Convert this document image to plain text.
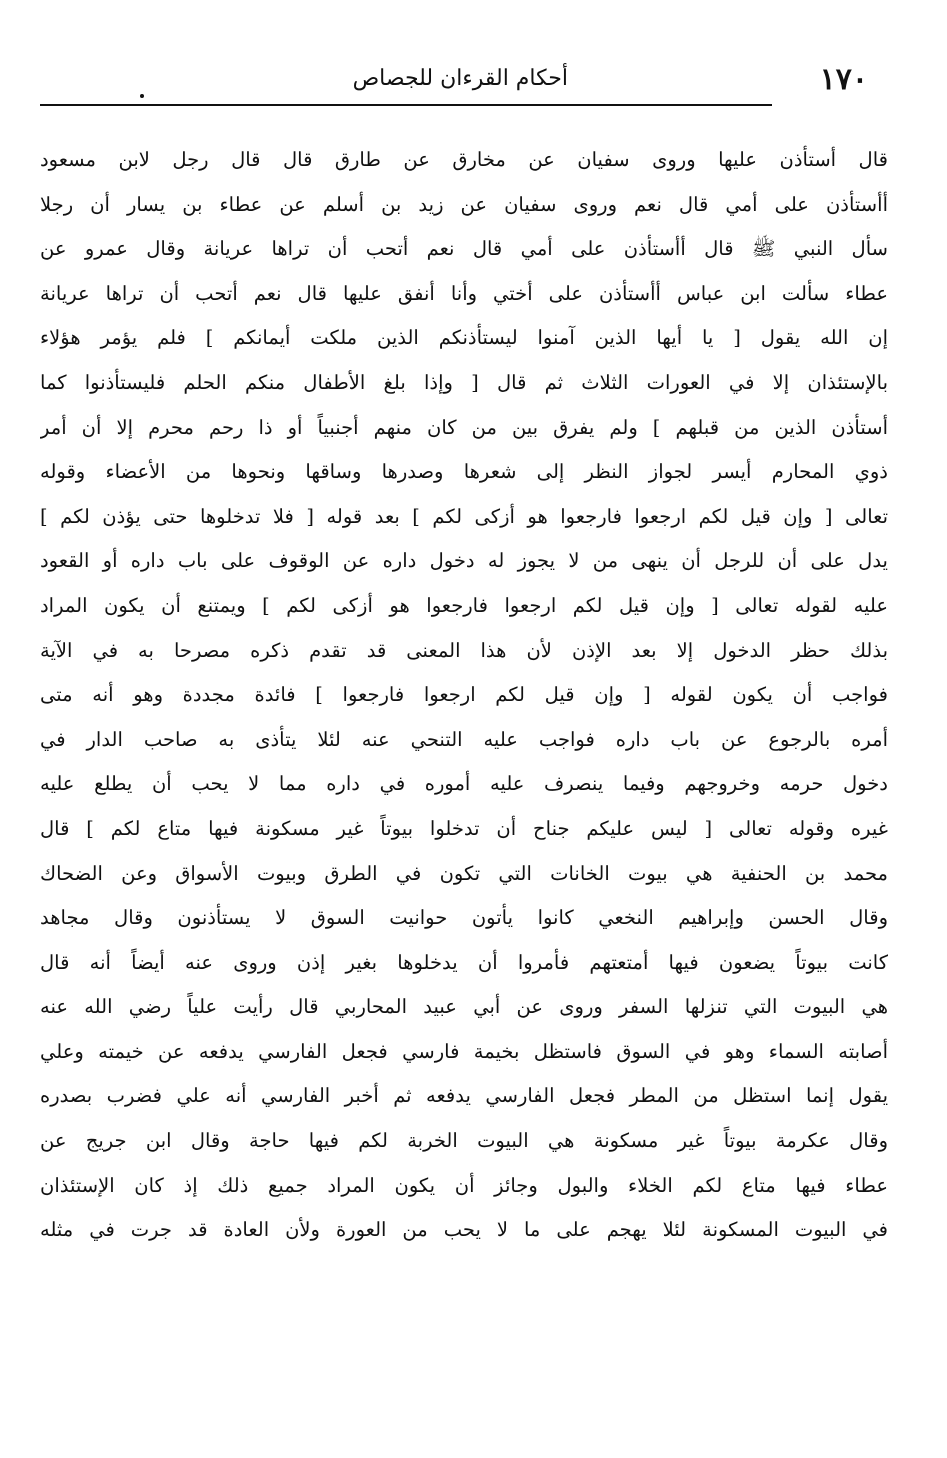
١٧٠
أحكام القرءان للجصاص
قال أستأذن عليها وروى سفيان عن مخارق عن طارق قال قال رجل لابن مسعود
أأستأذن على أمي قال نعم وروى سفيان عن زيد بن أسلم عن عطاء بن يسار أن رجلا
سأل النبي ﷺ قال أأستأذن على أمي قال نعم أتحب أن تراها عريانة وقال عمرو عن
عطاء سألت ابن عباس أأستأذن على أختي وأنا أنفق عليها قال نعم أتحب أن تراها عريانة
إن الله يقول [ يا أيها الذين آمنوا ليستأذنكم الذين ملكت أيمانكم ] فلم يؤمر هؤلاء
بالإستئذان إلا في العورات الثلاث ثم قال [ وإذا بلغ الأطفال منكم الحلم فليستأذنوا كما
أستأذن الذين من قبلهم ] ولم يفرق بين من كان منهم أجنبياً أو ذا رحم محرم إلا أن أمر
ذوي المحارم أيسر لجواز النظر إلى شعرها وصدرها وساقها ونحوها من الأعضاء وقوله
تعالى [ وإن قيل لكم ارجعوا فارجعوا هو أزكى لكم ] بعد قوله [ فلا تدخلوها حتى يؤذن لكم ]
يدل على أن للرجل أن ينهى من لا يجوز له دخول داره عن الوقوف على باب داره أو القعود
عليه لقوله تعالى [ وإن قيل لكم ارجعوا فارجعوا هو أزكى لكم ] ويمتنع أن يكون المراد
بذلك حظر الدخول إلا بعد الإذن لأن هذا المعنى قد تقدم ذكره مصرحا به في الآية
فواجب أن يكون لقوله [ وإن قيل لكم ارجعوا فارجعوا ] فائدة مجددة وهو أنه متى
أمره بالرجوع عن باب داره فواجب عليه التنحي عنه لئلا يتأذى به صاحب الدار في
دخول حرمه وخروجهم وفيما ينصرف عليه أموره في داره مما لا يحب أن يطلع عليه
غيره وقوله تعالى [ ليس عليكم جناح أن تدخلوا بيوتاً غير مسكونة فيها متاع لكم ] قال
محمد بن الحنفية هي بيوت الخانات التي تكون في الطرق وبيوت الأسواق وعن الضحاك
وقال الحسن وإبراهيم النخعي كانوا يأتون حوانيت السوق لا يستأذنون وقال مجاهد
كانت بيوتاً يضعون فيها أمتعتهم فأمروا أن يدخلوها بغير إذن وروى عنه أيضاً أنه قال
هي البيوت التي تنزلها السفر وروى عن أبي عبيد المحاربي قال رأيت علياً رضي الله عنه
أصابته السماء وهو في السوق فاستظل بخيمة فارسي فجعل الفارسي يدفعه عن خيمته وعلي
يقول إنما استظل من المطر فجعل الفارسي يدفعه ثم أخبر الفارسي أنه علي فضرب بصدره
وقال عكرمة بيوتاً غير مسكونة هي البيوت الخربة لكم فيها حاجة وقال ابن جريج عن
عطاء فيها متاع لكم الخلاء والبول وجائز أن يكون المراد جميع ذلك إذ كان الإستئذان
في البيوت المسكونة لئلا يهجم على ما لا يحب من العورة ولأن العادة قد جرت في مثله
